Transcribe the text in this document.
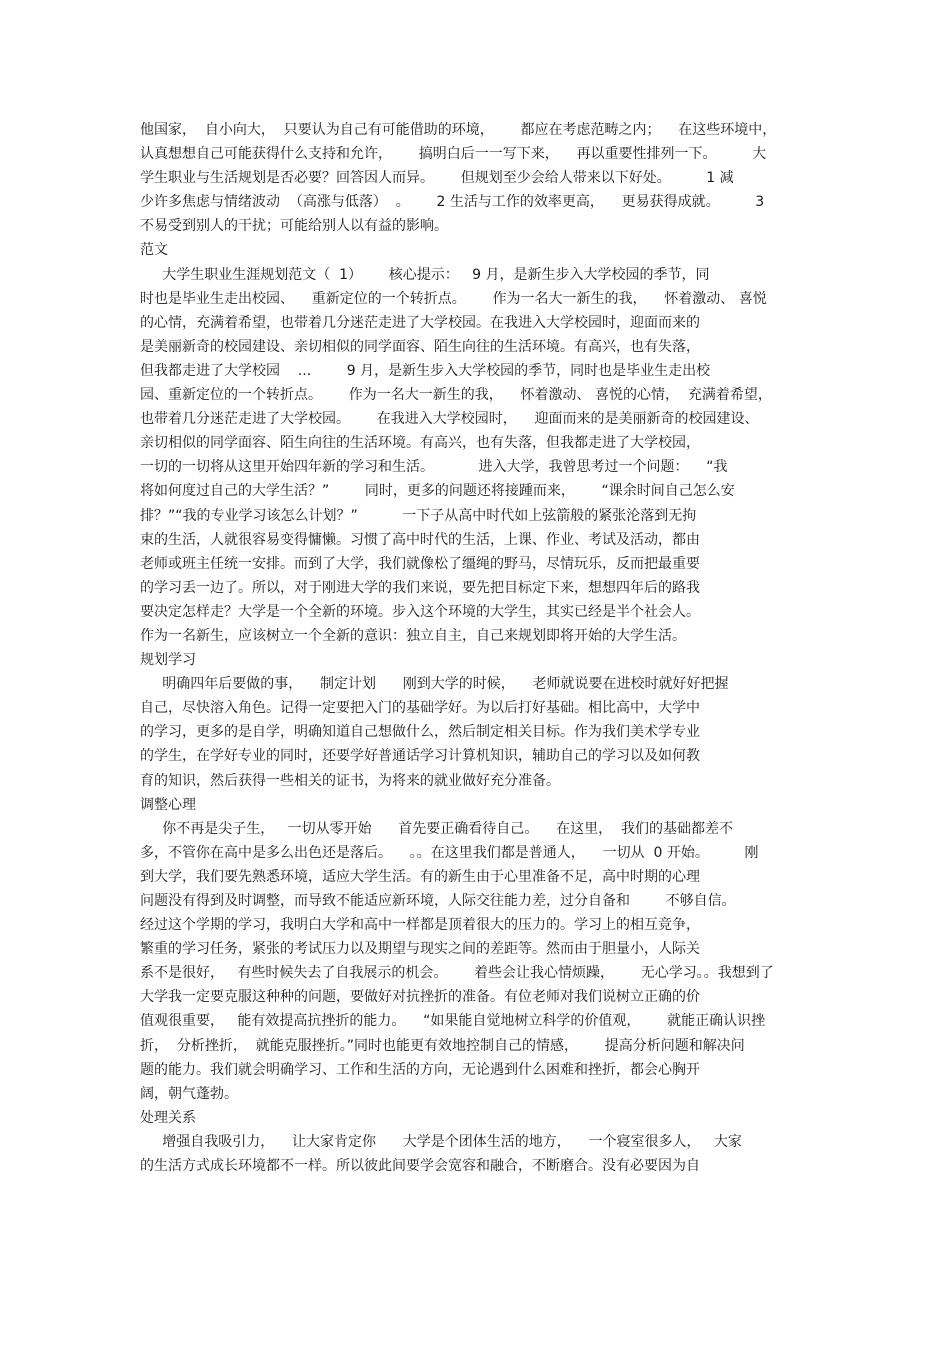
他国家，  自小向大，  只要认为自己有可能借助的环境，      都应在考虑范畴之内；    在这些环境中，
认真想想自己可能获得什么支持和允许，      搞明白后一一写下来，    再以重要性排列一下。        大
学生职业与生活规划是否必要？回答因人而异。      但规划至少会给人带来以下好处。        1 减
少许多焦虑与情绪波动  （高涨与低落）  。      2 生活与工作的效率更高，    更易获得成就。        3
不易受到别人的干扰；可能给别人以有益的影响。
范文
大学生职业生涯规划范文（  1）      核心提示：   9 月，是新生步入大学校园的季节，同
时也是毕业生走出校园、    重新定位的一个转折点。      作为一名大一新生的我，    怀着激动、 喜悦
的心情，充满着希望，也带着几分迷茫走进了大学校园。在我进入大学校园时，迎面而来的
是美丽新奇的校园建设、亲切相似的同学面容、陌生向往的生活环境。有高兴，也有失落，
但我都走进了大学校园    ...        9 月，是新生步入大学校园的季节，同时也是毕业生走出校
园、重新定位的一个转折点。      作为一名大一新生的我，    怀着激动、 喜悦的心情，  充满着希望，
也带着几分迷茫走进了大学校园。      在我进入大学校园时，    迎面而来的是美丽新奇的校园建设、
亲切相似的同学面容、陌生向往的生活环境。有高兴，也有失落，但我都走进了大学校园，
一切的一切将从这里开始四年新的学习和生活。          进入大学，我曾思考过一个问题：    “我
将如何度过自己的大学生活？”        同时，更多的问题还将接踵而来，      “课余时间自己怎么安
排？”“我的专业学习该怎么计划？”          一下子从高中时代如上弦箭般的紧张沦落到无拘
束的生活，人就很容易变得慵懒。习惯了高中时代的生活，上课、作业、考试及活动，都由
老师或班主任统一安排。而到了大学，我们就像松了缰绳的野马，尽情玩乐，反而把最重要
的学习丢一边了。所以，对于刚进大学的我们来说，要先把目标定下来，想想四年后的路我
要决定怎样走？大学是一个全新的环境。步入这个环境的大学生，其实已经是半个社会人。
作为一名新生，应该树立一个全新的意识：独立自主，自己来规划即将开始的大学生活。
规划学习
明确四年后要做的事，    制定计划      刚到大学的时候，    老师就说要在进校时就好好把握
自己，尽快溶入角色。记得一定要把入门的基础学好。为以后打好基础。相比高中，大学中
的学习，更多的是自学，明确知道自己想做什么，然后制定相关目标。作为我们美术学专业
的学生，在学好专业的同时，还要学好普通话学习计算机知识，辅助自己的学习以及如何教
育的知识，然后获得一些相关的证书，为将来的就业做好充分准备。
调整心理
你不再是尖子生，   一切从零开始      首先要正确看待自己。    在这里，  我们的基础都差不
多，不管你在高中是多么出色还是落后。    。。在这里我们都是普通人，    一切从  0 开始。        刚
到大学，我们要先熟悉环境，适应大学生活。有的新生由于心里准备不足，高中时期的心理
问题没有得到及时调整，而导致不能适应新环境，人际交往能力差，过分自备和        不够自信。
经过这个学期的学习，我明白大学和高中一样都是顶着很大的压力的。学习上的相互竞争，
繁重的学习任务，紧张的考试压力以及期望与现实之间的差距等。然而由于胆量小，人际关
系不是很好，   有些时候失去了自我展示的机会。      着些会让我心情烦躁，      无心学习。。我想到了
大学我一定要克服这种种的问题，要做好对抗挫折的准备。有位老师对我们说树立正确的价
值观很重要，   能有效提高抗挫折的能力。    “如果能自觉地树立科学的价值观，      就能正确认识挫
折，  分析挫折，  就能克服挫折。”同时也能更有效地控制自己的情感，      提高分析问题和解决问
题的能力。我们就会明确学习、工作和生活的方向，无论遇到什么困难和挫折，都会心胸开
阔，朝气蓬勃。
处理关系
增强自我吸引力，    让大家肯定你      大学是个团体生活的地方，    一个寝室很多人，   大家
的生活方式成长环境都不一样。所以彼此间要学会宽容和融合，不断磨合。没有必要因为自
